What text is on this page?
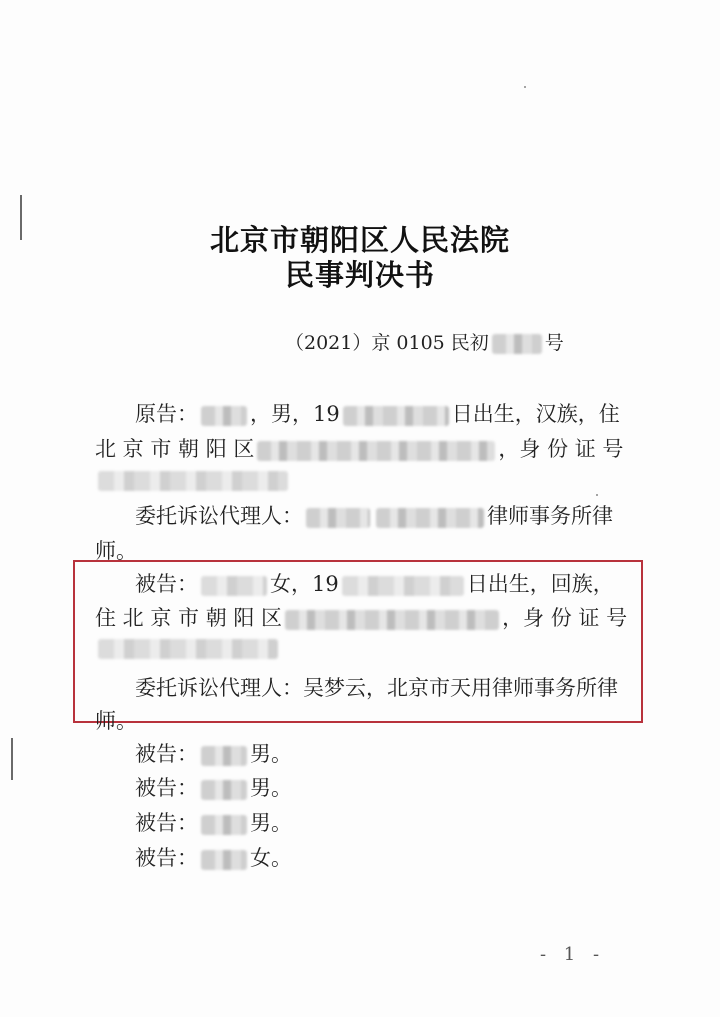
北京市朝阳区人民法院
民事判决书
（2021）京 0105 民初	号
原告： ，男，19	日出生，汉族，住
北 京 市 朝 阳 区	，身 份 证 号
委托诉讼代理人：	律师事务所律
师。
被告：	女，19	日出生，回族，
住 北 京 市 朝 阳 区	，身 份 证 号
委托诉讼代理人：吴梦云，北京市天用律师事务所律
师。
被告： 男。
被告： 男。
被告： 男。
被告： 女。
- 1 -
